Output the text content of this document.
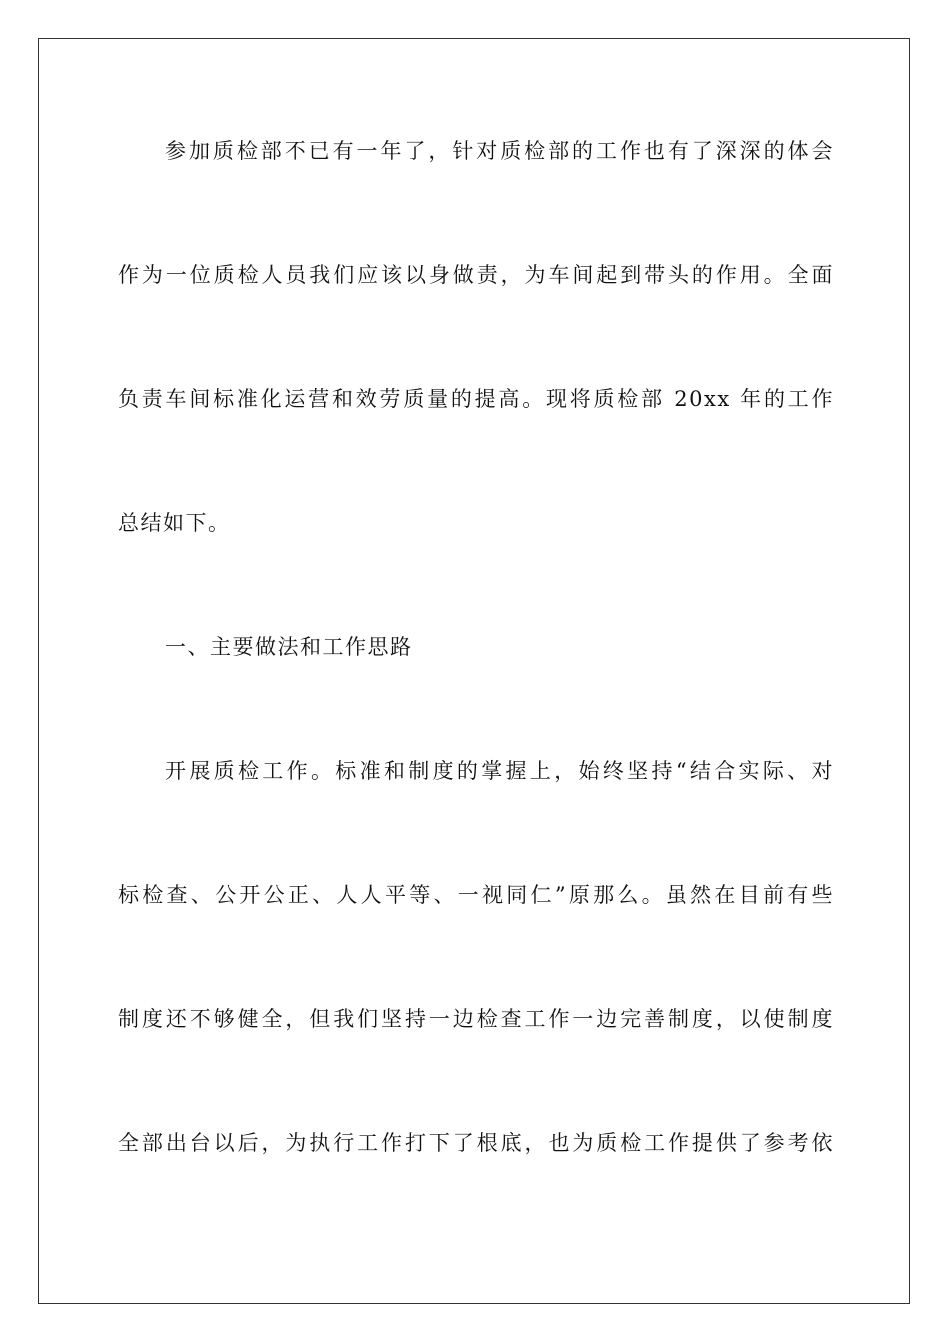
参加质检部不已有一年了，针对质检部的工作也有了深深的体会
作为一位质检人员我们应该以身做责，为车间起到带头的作用。全面
负责车间标准化运营和效劳质量的提高。现将质检部 20xx 年的工作
总结如下。
一、主要做法和工作思路
开展质检工作。标准和制度的掌握上，始终坚持“结合实际、对
标检查、公开公正、人人平等、一视同仁”原那么。虽然在目前有些
制度还不够健全，但我们坚持一边检查工作一边完善制度，以使制度
全部出台以后，为执行工作打下了根底，也为质检工作提供了参考依
